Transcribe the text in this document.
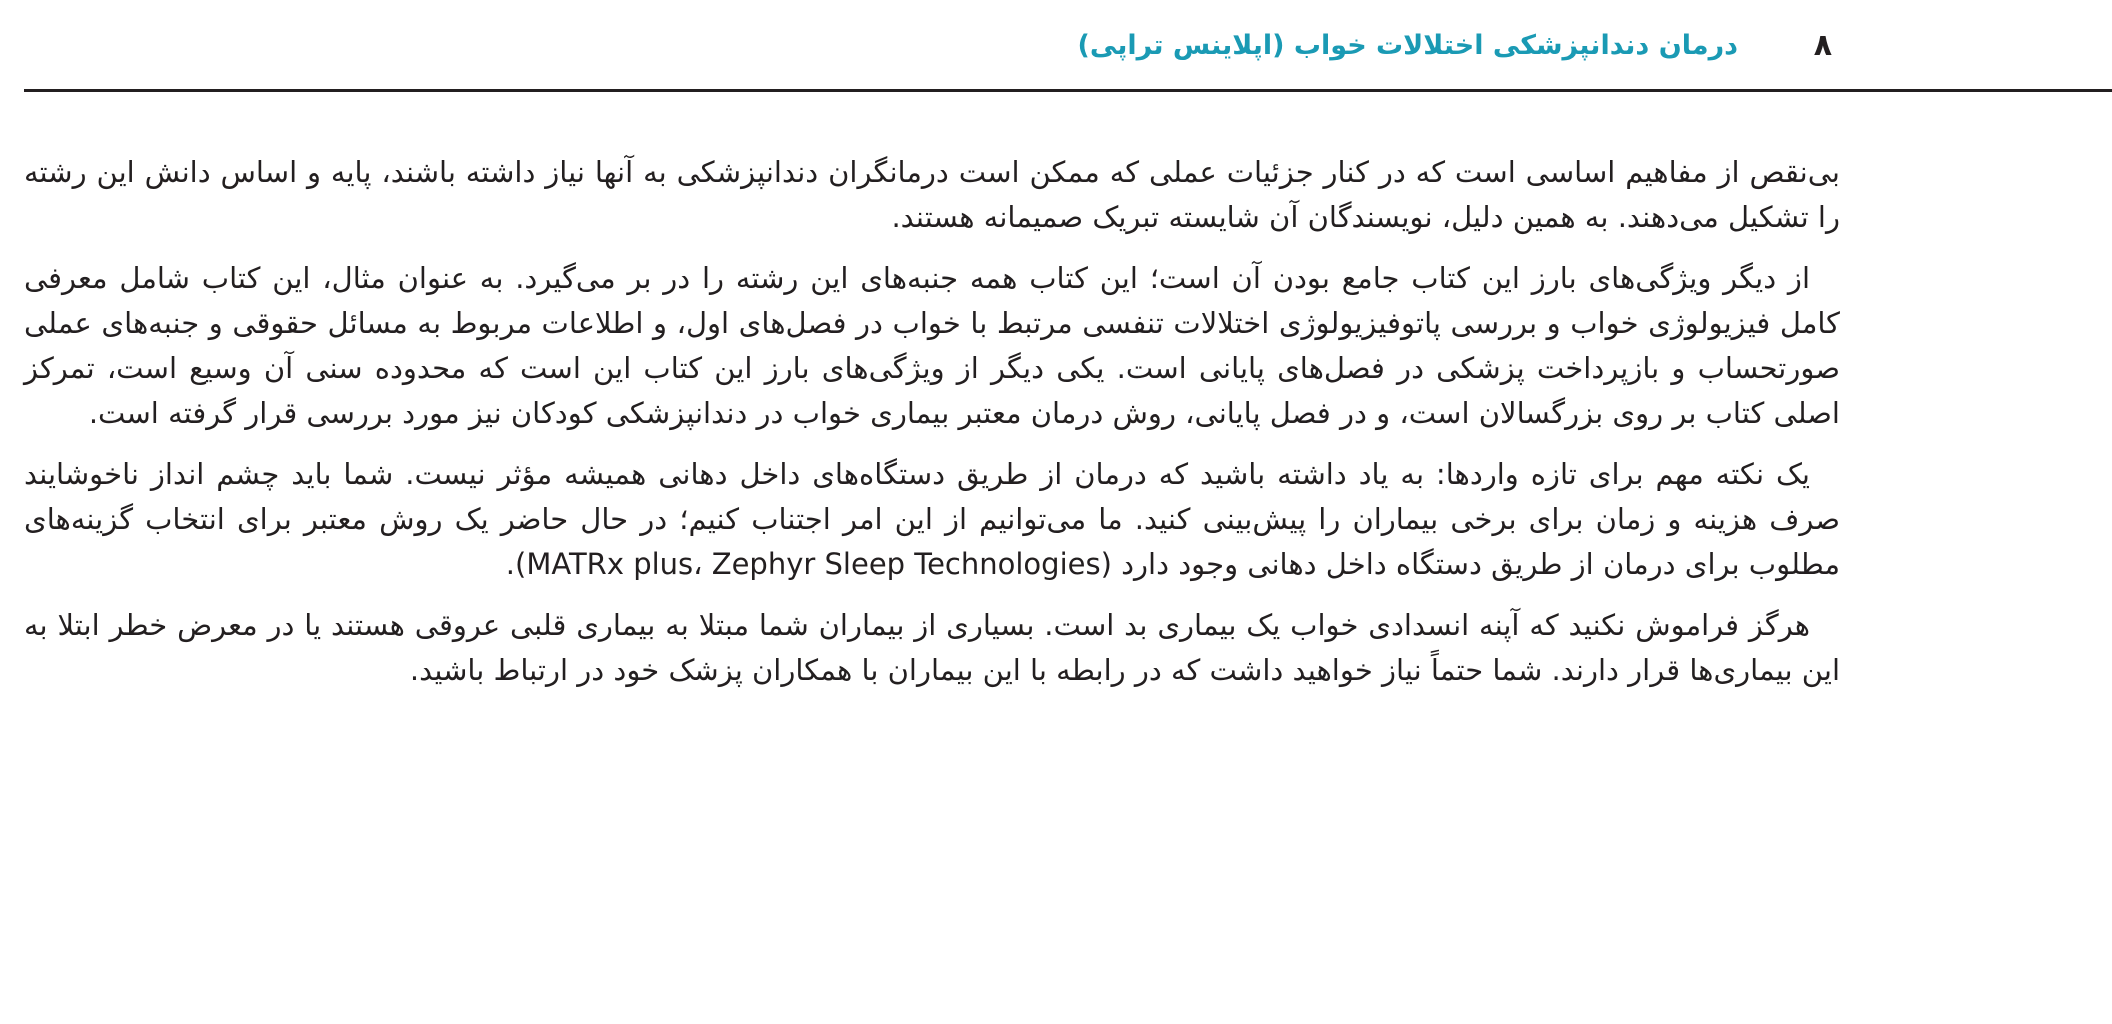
۸
درمان دندانپزشکی اختلالات خواب (اپلاینس تراپی)

بی‌نقص از مفاهیم اساسی است که در کنار جزئیات عملی که ممکن است درمانگران دندانپزشکی به آنها نیاز داشته باشند، پایه و اساس دانش این رشته را تشکیل می‌دهند. به همین دلیل، نویسندگان آن شایسته تبریک صمیمانه هستند.

از دیگر ویژگی‌های بارز این کتاب جامع بودن آن است؛ این کتاب همه جنبه‌های این رشته را در بر می‌گیرد. به عنوان مثال، این کتاب شامل معرفی کامل فیزیولوژی خواب و بررسی پاتوفیزیولوژی اختلالات تنفسی مرتبط با خواب در فصل‌های اول، و اطلاعات مربوط به مسائل حقوقی و جنبه‌های عملی صورتحساب و بازپرداخت پزشکی در فصل‌های پایانی است. یکی دیگر از ویژگی‌های بارز این کتاب این است که محدوده سنی آن وسیع است، تمرکز اصلی کتاب بر روی بزرگسالان است، و در فصل پایانی، روش درمان معتبر بیماری خواب در دندانپزشکی کودکان نیز مورد بررسی قرار گرفته است.

یک نکته مهم برای تازه واردها: به یاد داشته باشید که درمان از طریق دستگاه‌های داخل دهانی همیشه مؤثر نیست. شما باید چشم انداز ناخوشایند صرف هزینه و زمان برای برخی بیماران را پیش‌بینی کنید. ما می‌توانیم از این امر اجتناب کنیم؛ در حال حاضر یک روش معتبر برای انتخاب گزینه‌های مطلوب برای درمان از طریق دستگاه داخل دهانی وجود دارد (MATRx plus، Zephyr Sleep Technologies).

هرگز فراموش نکنید که آپنه انسدادی خواب یک بیماری بد است. بسیاری از بیماران شما مبتلا به بیماری قلبی عروقی هستند یا در معرض خطر ابتلا به این بیماری‌ها قرار دارند. شما حتماً نیاز خواهید داشت که در رابطه با این بیماران با همکاران پزشک خود در ارتباط باشید.
